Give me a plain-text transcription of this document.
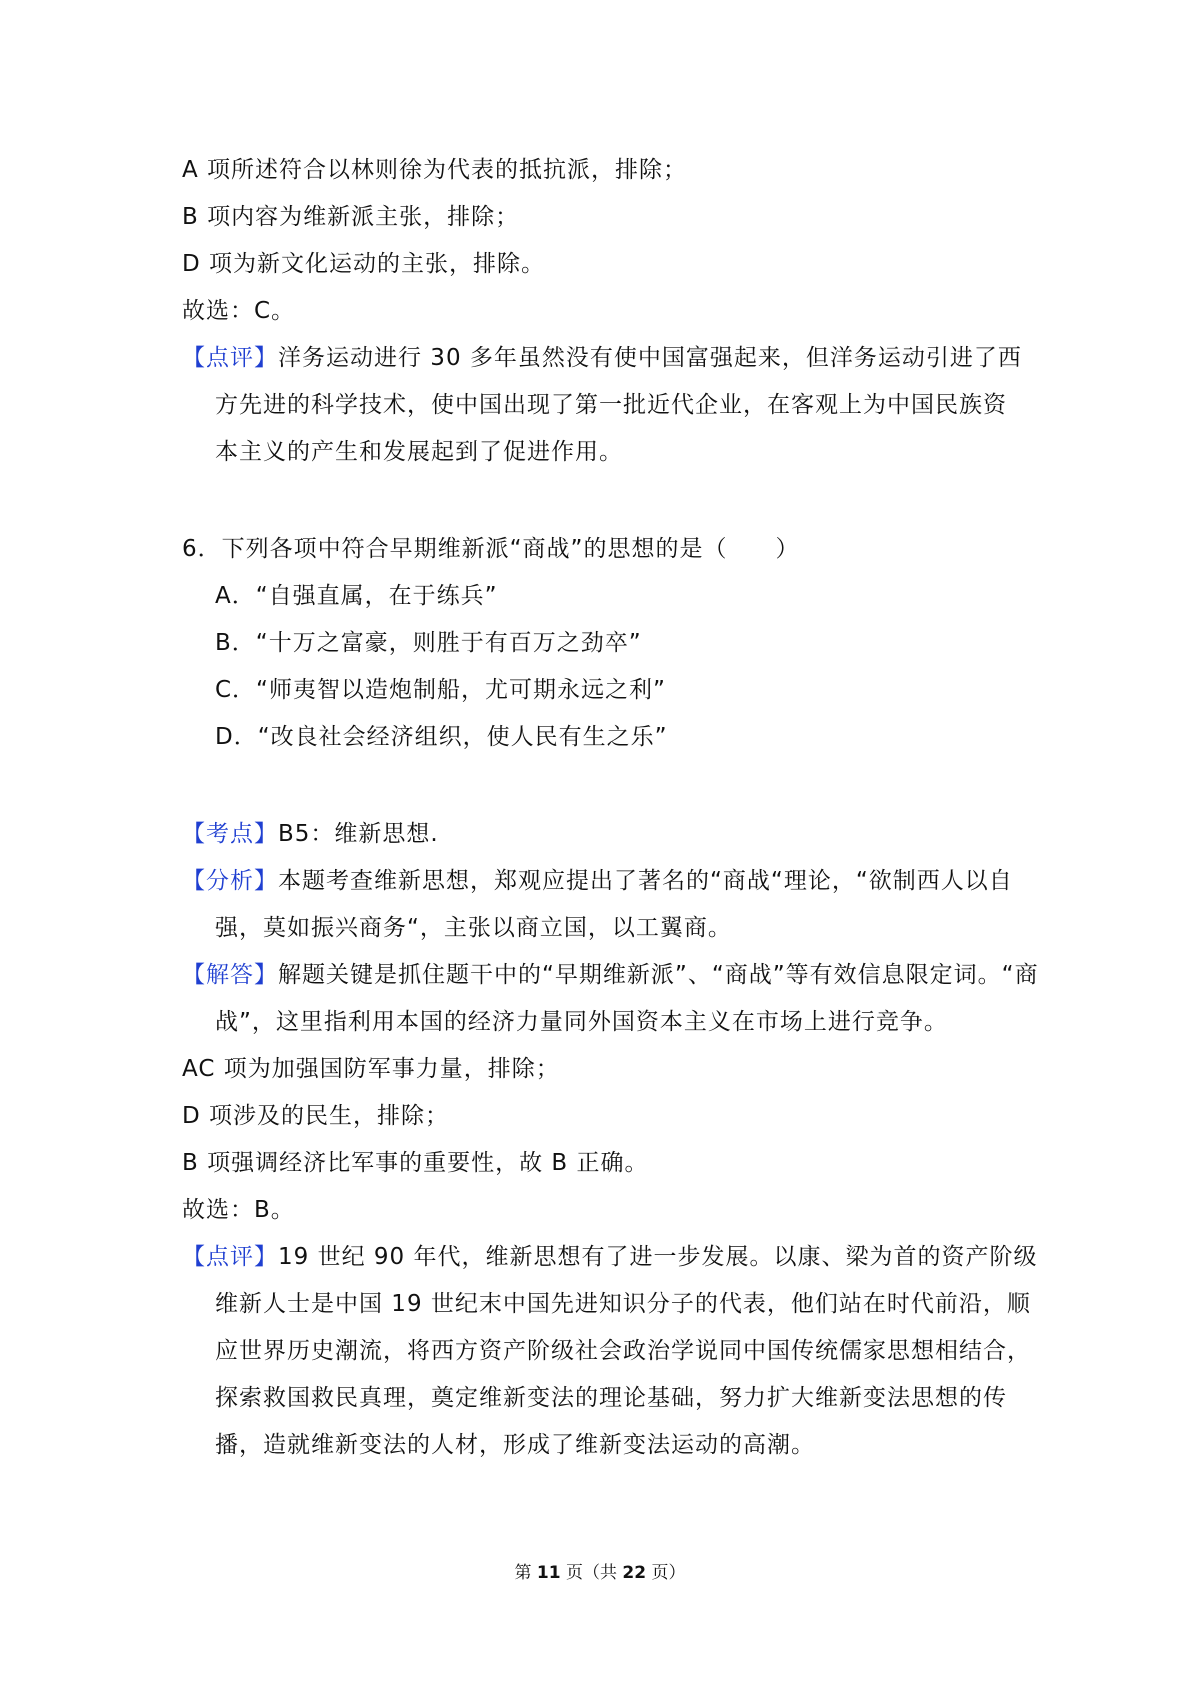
A 项所述符合以林则徐为代表的抵抗派，排除；
B 项内容为维新派主张，排除；
D 项为新文化运动的主张，排除。
故选：C。
【点评】洋务运动进行 30 多年虽然没有使中国富强起来，但洋务运动引进了西
方先进的科学技术，使中国出现了第一批近代企业，在客观上为中国民族资
本主义的产生和发展起到了促进作用。
6．下列各项中符合早期维新派“商战”的思想的是（　　）
A．“自强直属，在于练兵”
B．“十万之富豪，则胜于有百万之劲卒”
C．“师夷智以造炮制船，尤可期永远之利”
D．“改良社会经济组织，使人民有生之乐”
【考点】B5：维新思想.
【分析】本题考查维新思想，郑观应提出了著名的“商战“理论，“欲制西人以自
强，莫如振兴商务“，主张以商立国，以工翼商。
【解答】解题关键是抓住题干中的“早期维新派”、“商战”等有效信息限定词。“商
战”，这里指利用本国的经济力量同外国资本主义在市场上进行竞争。
AC 项为加强国防军事力量，排除；
D 项涉及的民生，排除；
B 项强调经济比军事的重要性，故 B 正确。
故选：B。
【点评】19 世纪 90 年代，维新思想有了进一步发展。以康、梁为首的资产阶级
维新人士是中国 19 世纪末中国先进知识分子的代表，他们站在时代前沿，顺
应世界历史潮流，将西方资产阶级社会政治学说同中国传统儒家思想相结合，
探索救国救民真理，奠定维新变法的理论基础，努力扩大维新变法思想的传
播，造就维新变法的人材，形成了维新变法运动的高潮。
第 11 页（共 22 页）
